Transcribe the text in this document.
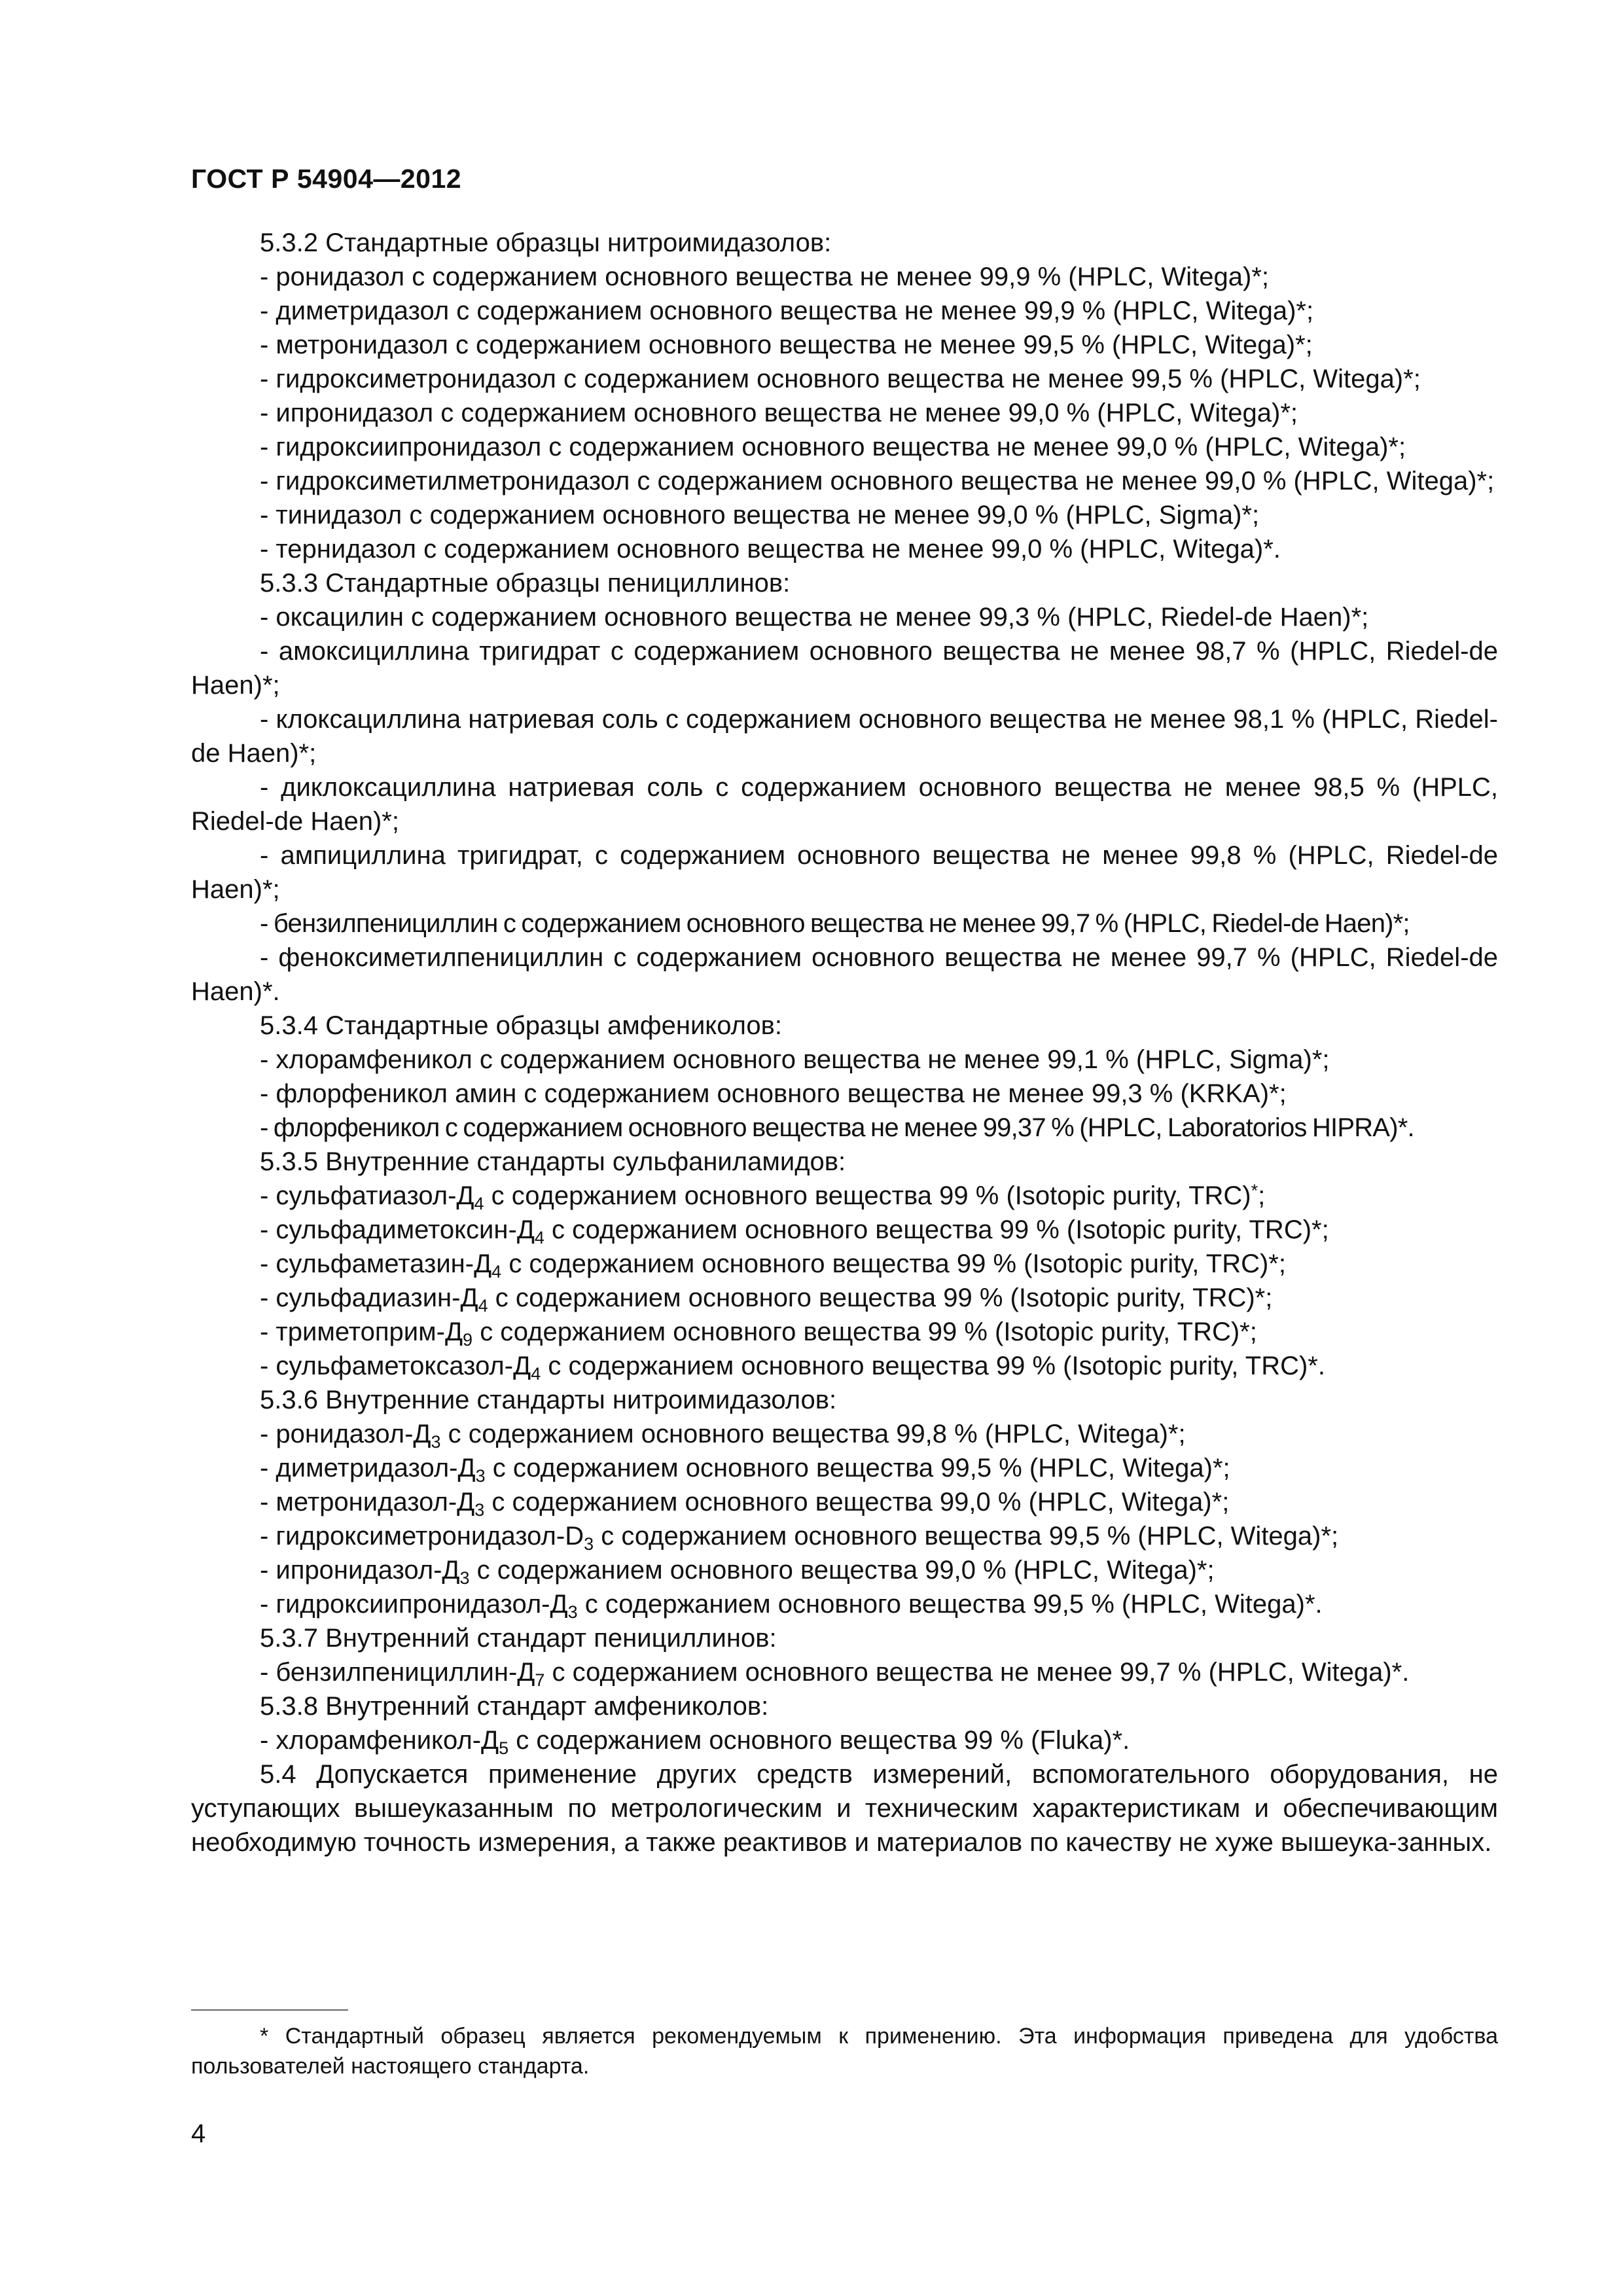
ГОСТ Р 54904—2012

5.3.2 Стандартные образцы нитроимидазолов:

- ронидазол с содержанием основного вещества не менее 99,9 % (HPLC, Witega)*;

- диметридазол с содержанием основного вещества не менее 99,9 % (HPLC, Witega)*;

- метронидазол с содержанием основного вещества не менее 99,5 % (HPLC, Witega)*;

- гидроксиметронидазол с содержанием основного вещества не менее 99,5 % (HPLC, Witega)*;

- ипронидазол с содержанием основного вещества не менее 99,0 % (HPLC, Witega)*;

- гидроксиипронидазол с содержанием основного вещества не менее 99,0 % (HPLC, Witega)*;

- гидроксиметилметронидазол с содержанием основного вещества не менее 99,0 % (HPLC, Witega)*;

- тинидазол с содержанием основного вещества не менее 99,0 % (HPLC, Sigma)*;

- тернидазол с содержанием основного вещества не менее 99,0 % (HPLC, Witega)*.

5.3.3 Стандартные образцы пенициллинов:

- оксацилин с содержанием основного вещества не менее 99,3 % (HPLC, Riedel-de Haen)*;

- амоксициллина тригидрат с содержанием основного вещества не менее 98,7 % (HPLC, Riedel-de Haen)*;

- клоксациллина натриевая соль с содержанием основного вещества не менее 98,1 % (HPLC, Riedel-de Haen)*;

- диклоксациллина натриевая соль с содержанием основного вещества не менее 98,5 % (HPLC, Riedel-de Haen)*;

- ампициллина тригидрат, с содержанием основного вещества не менее 99,8 % (HPLC, Riedel-de Haen)*;

- бензилпенициллин с содержанием основного вещества не менее 99,7 % (HPLC, Riedel-de Haen)*;

- феноксиметилпенициллин с содержанием основного вещества не менее 99,7 % (HPLC, Riedel-de Haen)*.

5.3.4 Стандартные образцы амфениколов:

- хлорамфеникол с содержанием основного вещества не менее 99,1 % (HPLC, Sigma)*;

- флорфеникол амин с содержанием основного вещества не менее 99,3 % (KRKA)*;

- флорфеникол с содержанием основного вещества не менее 99,37 % (HPLC, Laboratorios HIPRA)*.

5.3.5 Внутренние стандарты сульфаниламидов:

- сульфатиазол-$Д_4$ с содержанием основного вещества 99 % (Isotopic purity, TRC)*;

- сульфадиметоксин-$Д_4$ с содержанием основного вещества 99 % (Isotopic purity, TRC)*;

- сульфаметазин-$Д_4$ с содержанием основного вещества 99 % (Isotopic purity, TRC)*;

- сульфадиазин-$Д_4$ с содержанием основного вещества 99 % (Isotopic purity, TRC)*;

- триметоприм-$Д_9$ с содержанием основного вещества 99 % (Isotopic purity, TRC)*;

- сульфаметоксазол-$Д_4$ с содержанием основного вещества 99 % (Isotopic purity, TRC)*.

5.3.6 Внутренние стандарты нитроимидазолов:

- ронидазол-$Д_3$ с содержанием основного вещества 99,8 % (HPLC, Witega)*;

- диметридазол-$Д_3$ с содержанием основного вещества 99,5 % (HPLC, Witega)*;

- метронидазол-$Д_3$ с содержанием основного вещества 99,0 % (HPLC, Witega)*;

- гидроксиметронидазол-$D_3$ с содержанием основного вещества 99,5 % (HPLC, Witega)*;

- ипронидазол-$Д_3$ с содержанием основного вещества 99,0 % (HPLC, Witega)*;

- гидроксиипронидазол-$Д_3$ с содержанием основного вещества 99,5 % (HPLC, Witega)*.

5.3.7 Внутренний стандарт пенициллинов:

- бензилпенициллин-$Д_7$ с содержанием основного вещества не менее 99,7 % (HPLC, Witega)*.

5.3.8 Внутренний стандарт амфениколов:

- хлорамфеникол-$Д_5$ с содержанием основного вещества 99 % (Fluka)*.

5.4 Допускается применение других средств измерений, вспомогательного оборудования, не уступающих вышеуказанным по метрологическим и техническим характеристикам и обеспечивающим необходимую точность измерения, а также реактивов и материалов по качеству не хуже вышеука-занных.

* Стандартный образец является рекомендуемым к применению. Эта информация приведена для удобства пользователей настоящего стандарта.

4
